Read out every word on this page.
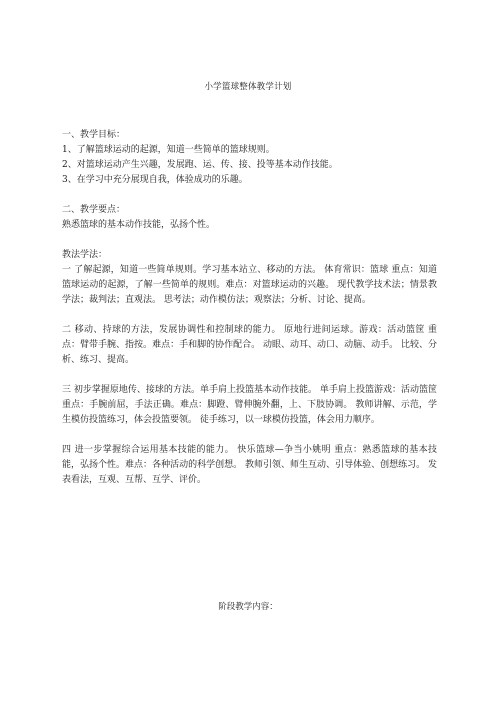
小学篮球整体教学计划

一、教学目标：

1、了解篮球运动的起源，知道一些简单的篮球规则。

2、对篮球运动产生兴趣，发展跑、运、传、接、投等基本动作技能。

3、在学习中充分展现自我，体验成功的乐趣。

二、教学要点：

熟悉篮球的基本动作技能，弘扬个性。

教法学法：

一 了解起源，知道一些简单规则。学习基本站立、移动的方法。 体育常识：篮球 重点：知道篮球运动的起源，了解一些简单的规则。难点：对篮球运动的兴趣。 现代教学技术法；情景教学法；裁判法；直观法。 思考法；动作模仿法；观察法；分析、讨论、提高。

二 移动、持球的方法，发展协调性和控制球的能力。 原地行进间运球。游戏：活动篮筐 重点：臂带手腕、指按。难点：手和脚的协作配合。 动眼、动耳、动口、动脑、动手。 比较、分析、练习、提高。

三 初步掌握原地传、接球的方法。单手肩上投篮基本动作技能。 单手肩上投篮游戏：活动篮筐 重点：手腕前屈，手法正确。难点：脚蹬、臂伸腕外翻，上、下肢协调。 教师讲解、示范，学生模仿投篮练习，体会投篮要领。 徒手练习，以一球模仿投篮，体会用力顺序。

四 进一步掌握综合运用基本技能的能力。 快乐篮球—争当小姚明 重点：熟悉篮球的基本技能，弘扬个性。难点：各种活动的科学创想。 教师引领、师生互动、引导体验、创想练习。 发表看法，互观、互帮、互学、评价。

阶段教学内容：
